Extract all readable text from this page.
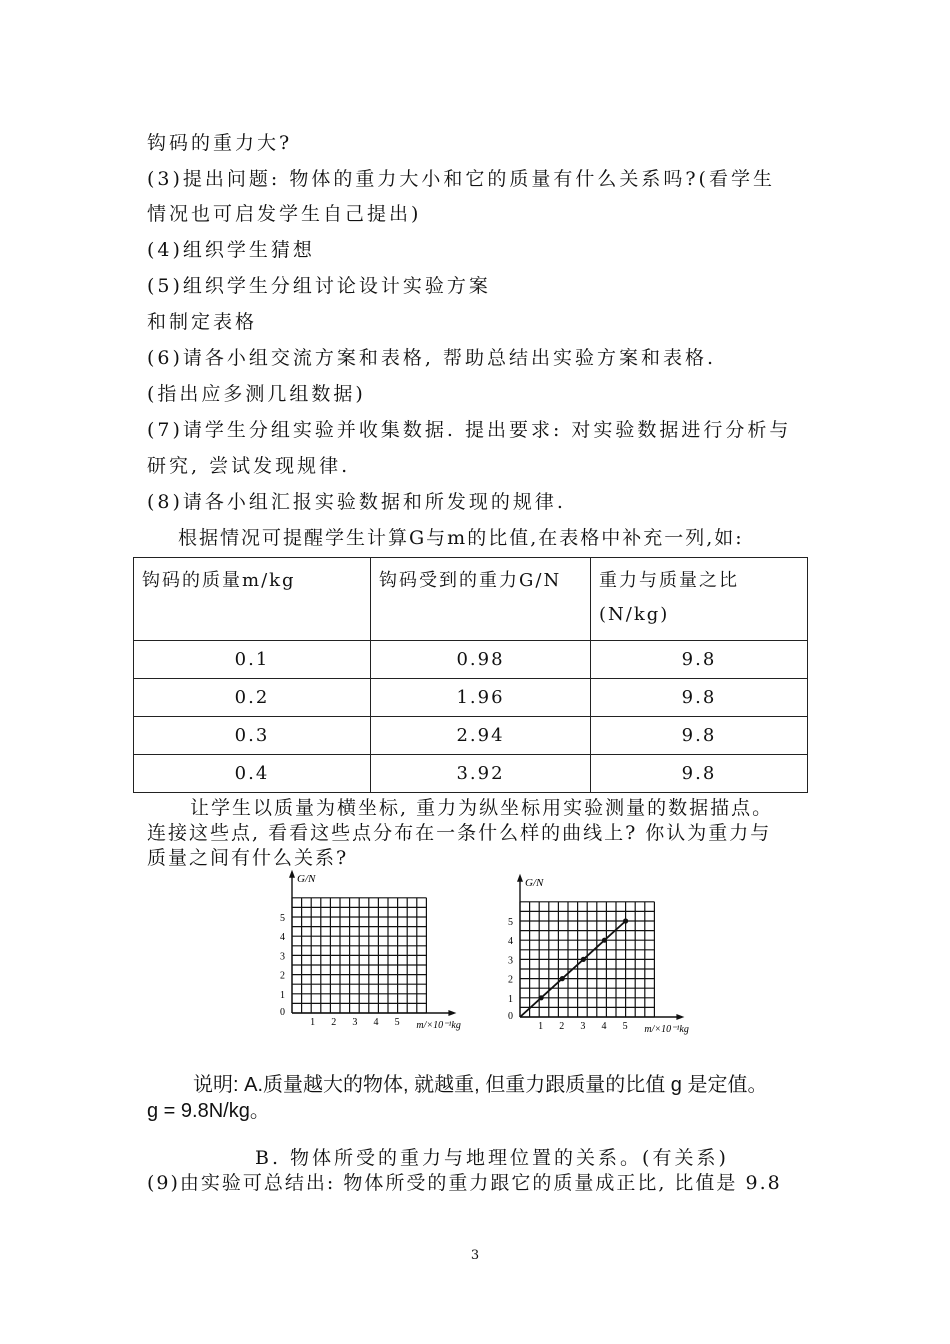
钩码的重力大?
(3)提出问题: 物体的重力大小和它的质量有什么关系吗?(看学生
情况也可启发学生自己提出)
(4)组织学生猜想
(5)组织学生分组讨论设计实验方案
和制定表格
(6)请各小组交流方案和表格, 帮助总结出实验方案和表格.
(指出应多测几组数据)
(7)请学生分组实验并收集数据. 提出要求: 对实验数据进行分析与
研究, 尝试发现规律.
(8)请各小组汇报实验数据和所发现的规律.
根据情况可提醒学生计算G与m的比值,在表格中补充一列,如:
钩码的质量m/kg	钩码受到的重力G/N	重力与质量之比(N/kg)
0.1	0.98	9.8
0.2	1.96	9.8
0.3	2.94	9.8
0.4	3.92	9.8
让学生以质量为横坐标, 重力为纵坐标用实验测量的数据描点。
连接这些点, 看看这些点分布在一条什么样的曲线上? 你认为重力与
质量之间有什么关系?
G/N
m/×10⁻¹kg
0
1
1
2
2
3
3
4
4
5
5
G/N
m/×10⁻¹kg
0
1
1
2
2
3
3
4
4
5
5
说明: A.质量越大的物体, 就越重, 但重力跟质量的比值 g 是定值。
g = 9.8N/kg。
B. 物体所受的重力与地理位置的关系。(有关系)
(9)由实验可总结出: 物体所受的重力跟它的质量成正比, 比值是 9.8
3
